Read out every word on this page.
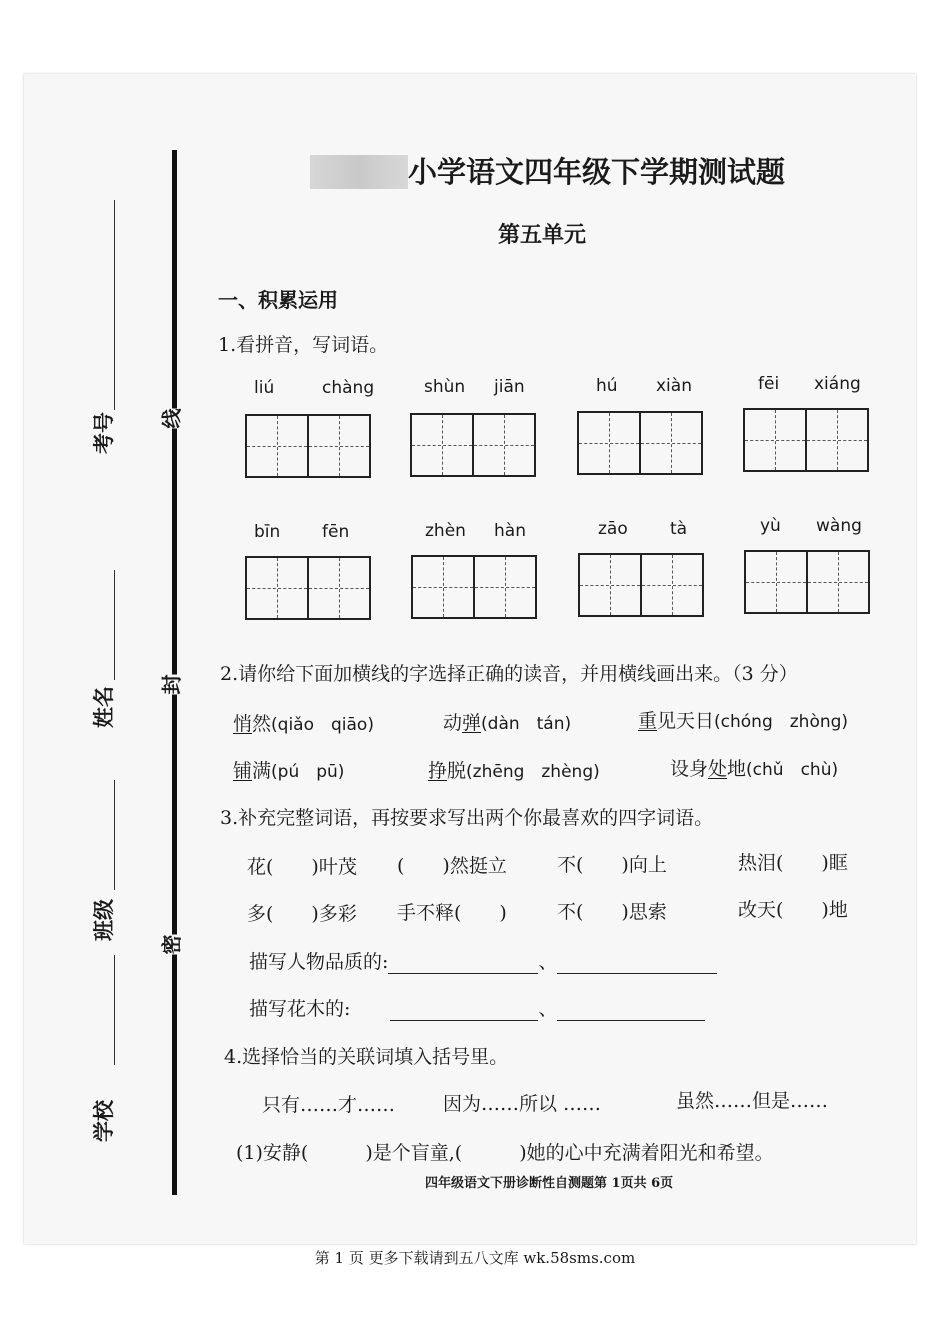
考号
姓名
班级
学校
线
封
密
小学语文四年级下学期测试题
第五单元
一、积累运用
1.看拼音，写词语。
liú	chàng	shùn jiān	hú xiàn	fēi xiáng
bīn fēn	zhèn hàn	zāo tà	yù wàng
2.请你给下面加横线的字选择正确的读音，并用横线画出来。（3 分）
悄然(qiǎo　qiāo)	动弹(dàn　tán)	重见天日(chóng　zhòng)
铺满(pú　pū)	挣脱(zhēng　zhèng)	设身处地(chǔ　chù)
3.补充完整词语，再按要求写出两个你最喜欢的四字词语。
花(　　)叶茂 (　　)然挺立	不(　　)向上	热泪(　　)眶
多(　　)多彩 手不释(　　)	不(　　)思索	改天(　　)地
描写人物品质的:	、
描写花木的:	、
4.选择恰当的关联词填入括号里。
只有……才……	因为……所以 ……	虽然……但是……
(1)安静(　　　)是个盲童,(　　　)她的心中充满着阳光和希望。
四年级语文下册诊断性自测题第 1页共 6页
第 1 页 更多下载请到五八文库 wk.58sms.com
